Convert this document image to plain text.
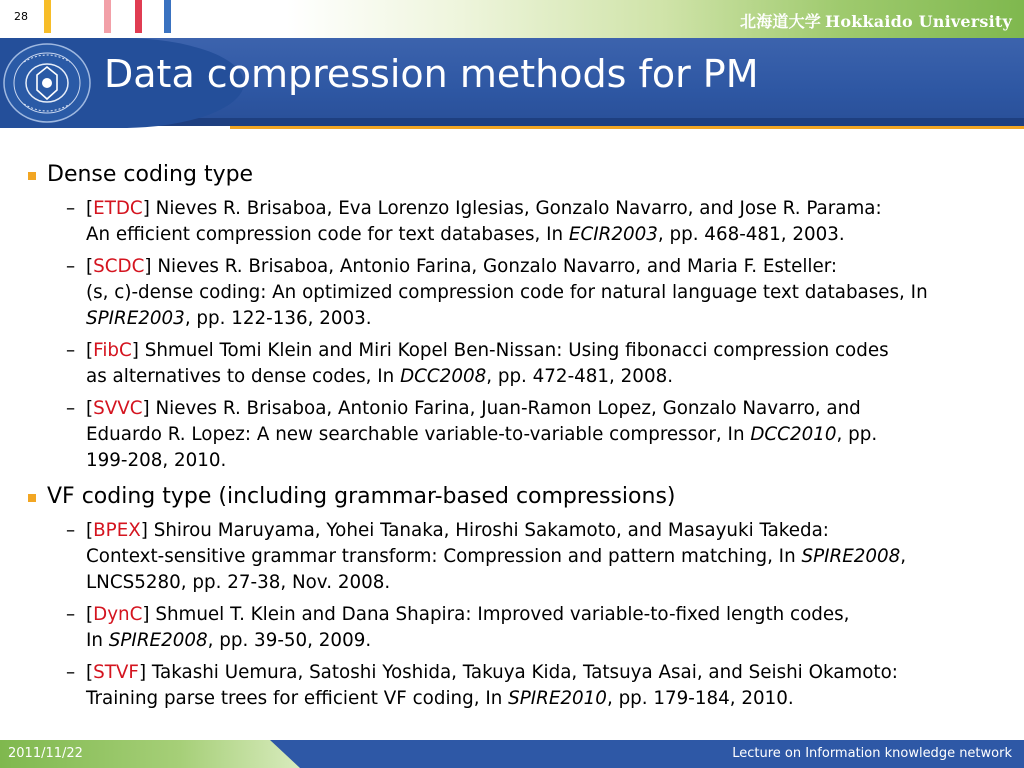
28	北海道大学 Hokkaido University
Data compression methods for PM
Dense coding type
– [ETDC] Nieves R. Brisaboa, Eva Lorenzo Iglesias, Gonzalo Navarro, and Jose R. Parama:
An efficient compression code for text databases, In ECIR2003, pp. 468-481, 2003.
– [SCDC] Nieves R. Brisaboa, Antonio Farina, Gonzalo Navarro, and Maria F. Esteller:
(s, c)-dense coding: An optimized compression code for natural language text databases, In
SPIRE2003, pp. 122-136, 2003.
– [FibC] Shmuel Tomi Klein and Miri Kopel Ben-Nissan: Using fibonacci compression codes
as alternatives to dense codes, In DCC2008, pp. 472-481, 2008.
– [SVVC] Nieves R. Brisaboa, Antonio Farina, Juan-Ramon Lopez, Gonzalo Navarro, and
Eduardo R. Lopez: A new searchable variable-to-variable compressor, In DCC2010, pp.
199-208, 2010.
VF coding type (including grammar-based compressions)
– [BPEX] Shirou Maruyama, Yohei Tanaka, Hiroshi Sakamoto, and Masayuki Takeda:
Context-sensitive grammar transform: Compression and pattern matching, In SPIRE2008,
LNCS5280, pp. 27-38, Nov. 2008.
– [DynC] Shmuel T. Klein and Dana Shapira: Improved variable-to-fixed length codes,
In SPIRE2008, pp. 39-50, 2009.
– [STVF] Takashi Uemura, Satoshi Yoshida, Takuya Kida, Tatsuya Asai, and Seishi Okamoto:
Training parse trees for efficient VF coding, In SPIRE2010, pp. 179-184, 2010.
2011/11/22	Lecture on Information knowledge network
